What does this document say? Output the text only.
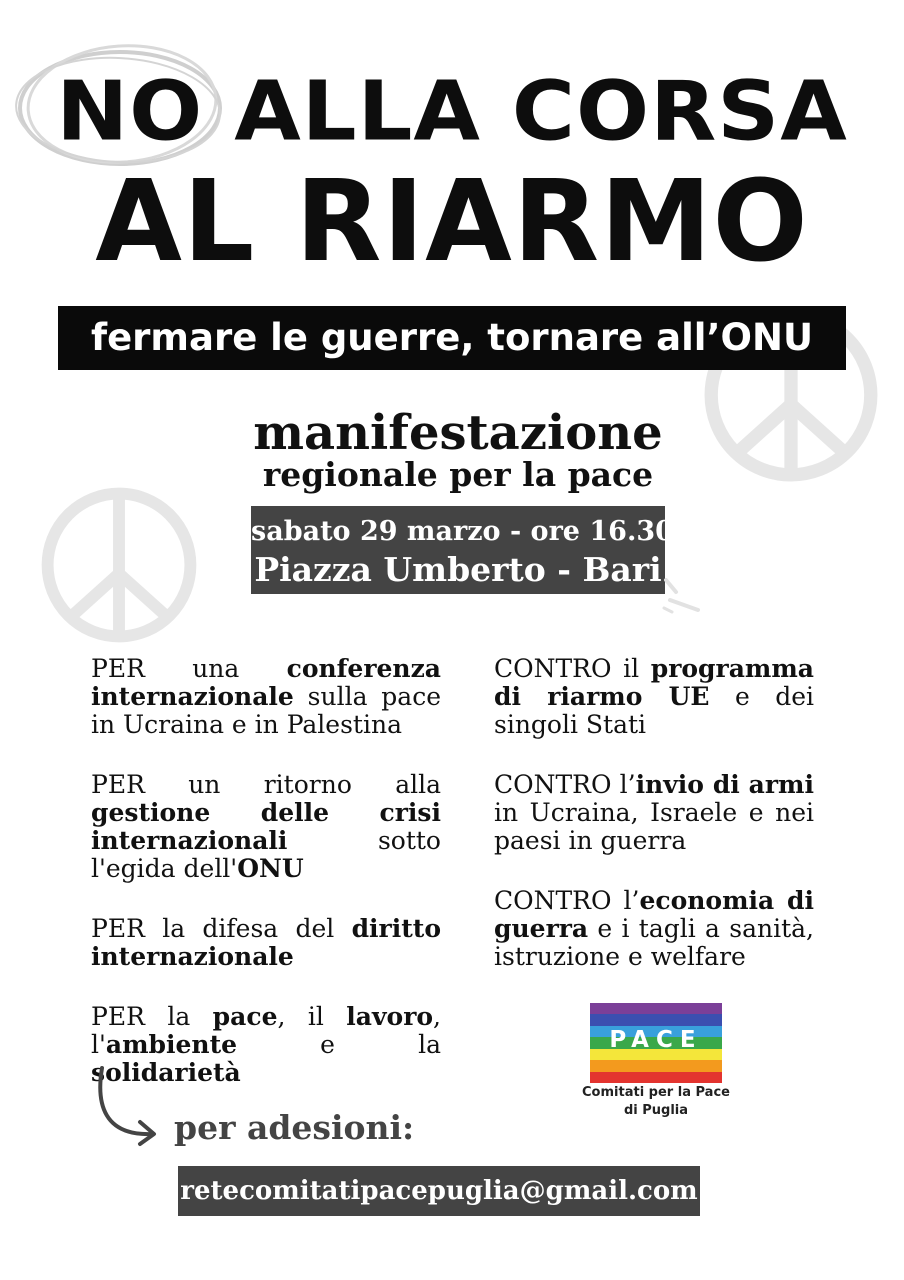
NO ALLA CORSA
AL RIARMO
fermare le guerre, tornare all’ONU
manifestazione
regionale per la pace
sabato 29 marzo - ore 16.30
Piazza Umberto - Bari

PER una conferenza internazionale sulla pace in Ucraina e in Palestina

PER un ritorno alla gestione delle crisi internazionali sotto l'egida dell'ONU

PER la difesa del diritto internazionale

PER la pace, il lavoro, l'ambiente e la solidarietà

CONTRO il programma di riarmo UE e dei singoli Stati

CONTRO l’invio di armi in Ucraina, Israele e nei paesi in guerra

CONTRO l’economia di guerra e i tagli a sanità, istruzione e welfare

PACE
Comitati per la Pace
di Puglia
per adesioni:
retecomitatipacepuglia@gmail.com
